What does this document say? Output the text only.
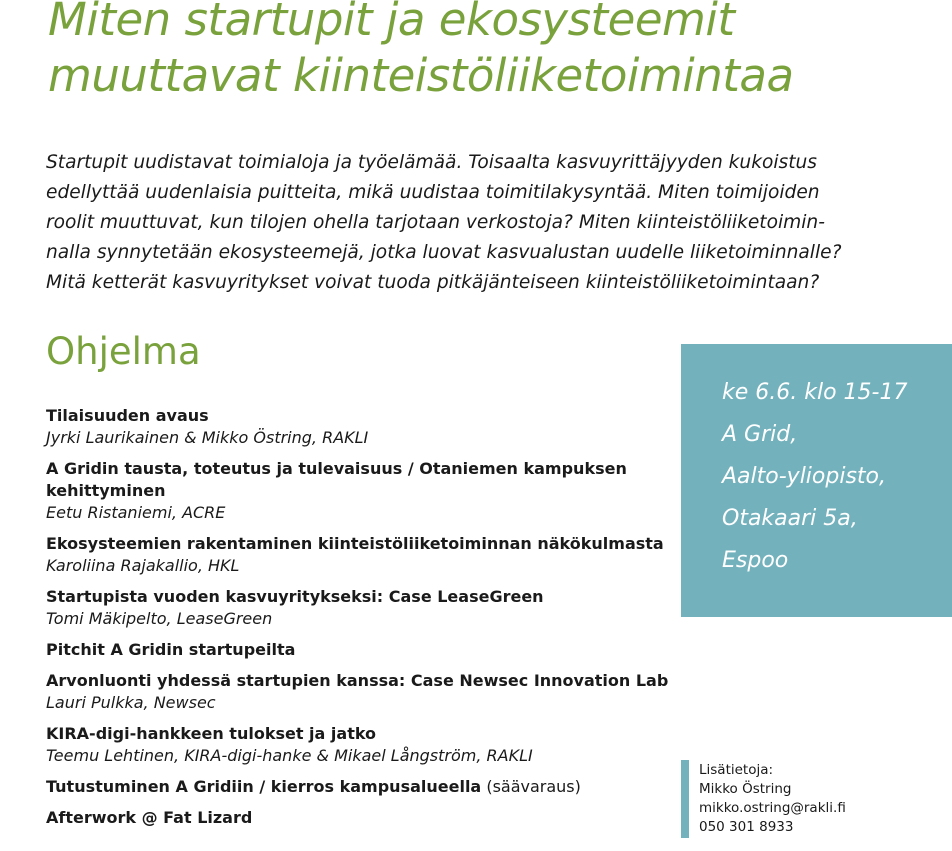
Miten startupit ja ekosysteemit
muuttavat kiinteistöliiketoimintaa
Startupit uudistavat toimialoja ja työelämää. Toisaalta kasvuyrittäjyyden kukoistus
edellyttää uudenlaisia puitteita, mikä uudistaa toimitilakysyntää. Miten toimijoiden
roolit muuttuvat, kun tilojen ohella tarjotaan verkostoja? Miten kiinteistöliiketoimin-
nalla synnytetään ekosysteemejä, jotka luovat kasvualustan uudelle liiketoiminnalle?
Mitä ketterät kasvuyritykset voivat tuoda pitkäjänteiseen kiinteistöliiketoimintaan?
Ohjelma
Tilaisuuden avaus
Jyrki Laurikainen & Mikko Östring, RAKLI
A Gridin tausta, toteutus ja tulevaisuus / Otaniemen kampuksen kehittyminen
Eetu Ristaniemi, ACRE
Ekosysteemien rakentaminen kiinteistöliiketoiminnan näkökulmasta
Karoliina Rajakallio, HKL
Startupista vuoden kasvuyritykseksi: Case LeaseGreen
Tomi Mäkipelto, LeaseGreen
Pitchit A Gridin startupeilta
Arvonluonti yhdessä startupien kanssa: Case Newsec Innovation Lab
Lauri Pulkka, Newsec
KIRA-digi-hankkeen tulokset ja jatko
Teemu Lehtinen, KIRA-digi-hanke & Mikael Långström, RAKLI
Tutustuminen A Gridiin / kierros kampusalueella (säävaraus)
Afterwork @ Fat Lizard
ke 6.6. klo 15-17
A Grid,
Aalto-yliopisto,
Otakaari 5a,
Espoo
Lisätietoja:
Mikko Östring
mikko.ostring@rakli.fi
050 301 8933
